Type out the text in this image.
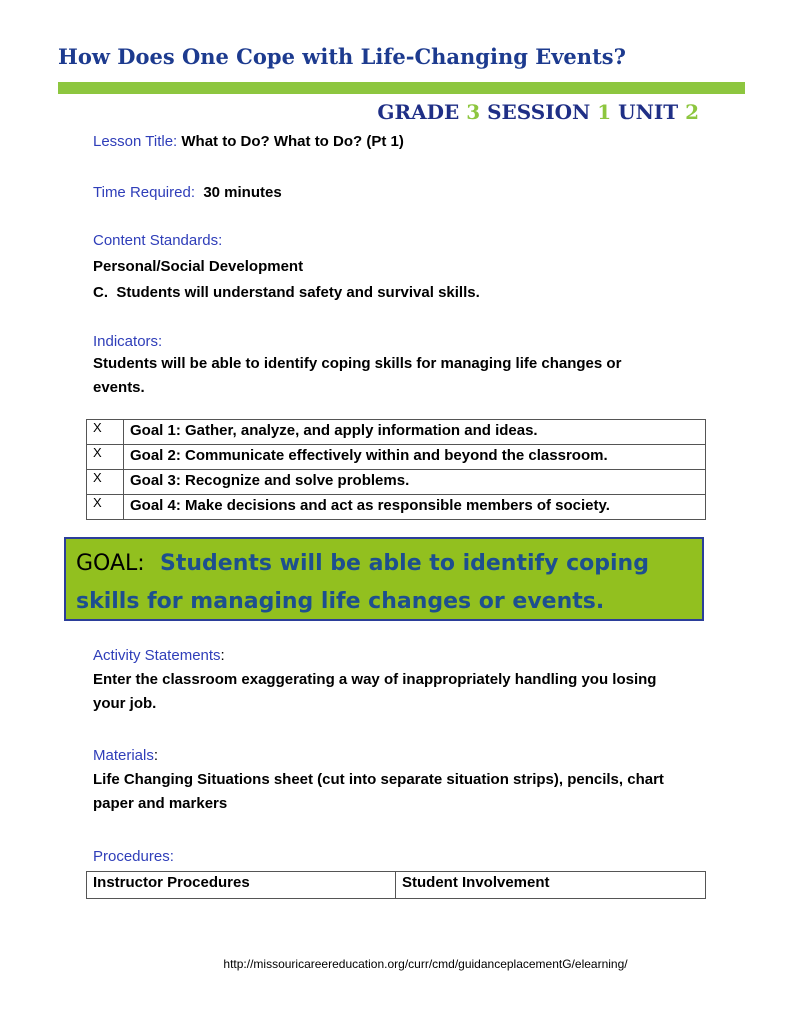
How Does One Cope with Life-Changing Events?
GRADE 3 SESSION 1 UNIT 2
Lesson Title: What to Do? What to Do? (Pt 1)
Time Required: 30 minutes
Content Standards:
Personal/Social Development
C.  Students will understand safety and survival skills.
Indicators:
Students will be able to identify coping skills for managing life changes or events.
X	Goal 1: Gather, analyze, and apply information and ideas.
X	Goal 2: Communicate effectively within and beyond the classroom.
X	Goal 3: Recognize and solve problems.
X	Goal 4: Make decisions and act as responsible members of society.
GOAL: Students will be able to identify coping skills for managing life changes or events.
Activity Statements:
Enter the classroom exaggerating a way of inappropriately handling you losing your job.
Materials:
Life Changing Situations sheet (cut into separate situation strips), pencils, chart paper and markers
Procedures:
Instructor Procedures	Student Involvement
http://missouricareereducation.org/curr/cmd/guidanceplacementG/elearning/
